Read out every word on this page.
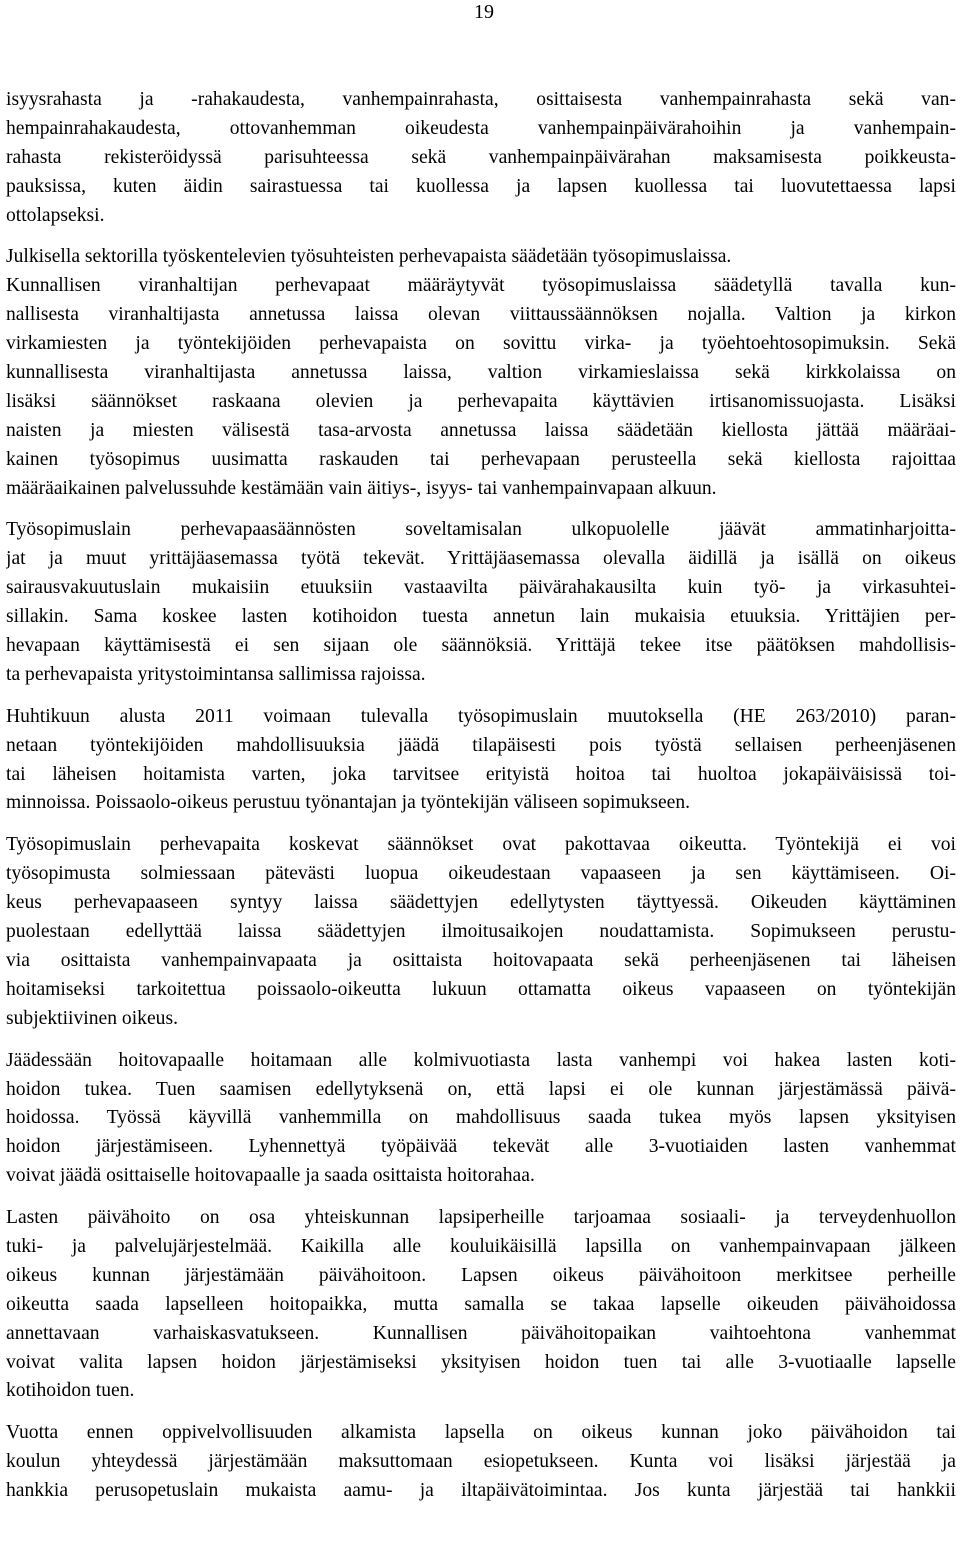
19
isyysrahasta ja -rahakaudesta, vanhempainrahasta, osittaisesta vanhempainrahasta sekä van-
hempainrahakaudesta, ottovanhemman oikeudesta vanhempainpäivärahoihin ja vanhempain-
rahasta rekisteröidyssä parisuhteessa sekä vanhempainpäivärahan maksamisesta poikkeusta-
pauksissa, kuten äidin sairastuessa tai kuollessa ja lapsen kuollessa tai luovutettaessa lapsi
ottolapseksi.
Julkisella sektorilla työskentelevien työsuhteisten perhevapaista säädetään työsopimuslaissa.
Kunnallisen viranhaltijan perhevapaat määräytyvät työsopimuslaissa säädetyllä tavalla kun-
nallisesta viranhaltijasta annetussa laissa olevan viittaussäännöksen nojalla. Valtion ja kirkon
virkamiesten ja työntekijöiden perhevapaista on sovittu virka- ja työehtoehtosopimuksin. Sekä
kunnallisesta viranhaltijasta annetussa laissa, valtion virkamieslaissa sekä kirkkolaissa on
lisäksi säännökset raskaana olevien ja perhevapaita käyttävien irtisanomissuojasta. Lisäksi
naisten ja miesten välisestä tasa-arvosta annetussa laissa säädetään kiellosta jättää määräai-
kainen työsopimus uusimatta raskauden tai perhevapaan perusteella sekä kiellosta rajoittaa
määräaikainen palvelussuhde kestämään vain äitiys-, isyys- tai vanhempainvapaan alkuun.
Työsopimuslain perhevapaasäännösten soveltamisalan ulkopuolelle jäävät ammatinharjoitta-
jat ja muut yrittäjäasemassa työtä tekevät. Yrittäjäasemassa olevalla äidillä ja isällä on oikeus
sairausvakuutuslain mukaisiin etuuksiin vastaavilta päivärahakausilta kuin työ- ja virkasuhtei-
sillakin. Sama koskee lasten kotihoidon tuesta annetun lain mukaisia etuuksia. Yrittäjien per-
hevapaan käyttämisestä ei sen sijaan ole säännöksiä. Yrittäjä tekee itse päätöksen mahdollisis-
ta perhevapaista yritystoimintansa sallimissa rajoissa.
Huhtikuun alusta 2011 voimaan tulevalla työsopimuslain muutoksella (HE 263/2010) paran-
netaan työntekijöiden mahdollisuuksia jäädä tilapäisesti pois työstä sellaisen perheenjäsenen
tai läheisen hoitamista varten, joka tarvitsee erityistä hoitoa tai huoltoa jokapäiväisissä toi-
minnoissa. Poissaolo-oikeus perustuu työnantajan ja työntekijän väliseen sopimukseen.
Työsopimuslain perhevapaita koskevat säännökset ovat pakottavaa oikeutta. Työntekijä ei voi
työsopimusta solmiessaan pätevästi luopua oikeudestaan vapaaseen ja sen käyttämiseen. Oi-
keus perhevapaaseen syntyy laissa säädettyjen edellytysten täyttyessä. Oikeuden käyttäminen
puolestaan edellyttää laissa säädettyjen ilmoitusaikojen noudattamista. Sopimukseen perustu-
via osittaista vanhempainvapaata ja osittaista hoitovapaata sekä perheenjäsenen tai läheisen
hoitamiseksi tarkoitettua poissaolo-oikeutta lukuun ottamatta oikeus vapaaseen on työntekijän
subjektiivinen oikeus.
Jäädessään hoitovapaalle hoitamaan alle kolmivuotiasta lasta vanhempi voi hakea lasten koti-
hoidon tukea. Tuen saamisen edellytyksenä on, että lapsi ei ole kunnan järjestämässä päivä-
hoidossa. Työssä käyvillä vanhemmilla on mahdollisuus saada tukea myös lapsen yksityisen
hoidon järjestämiseen. Lyhennettyä työpäivää tekevät alle 3-vuotiaiden lasten vanhemmat
voivat jäädä osittaiselle hoitovapaalle ja saada osittaista hoitorahaa.
Lasten päivähoito on osa yhteiskunnan lapsiperheille tarjoamaa sosiaali- ja terveydenhuollon
tuki- ja palvelujärjestelmää. Kaikilla alle kouluikäisillä lapsilla on vanhempainvapaan jälkeen
oikeus kunnan järjestämään päivähoitoon. Lapsen oikeus päivähoitoon merkitsee perheille
oikeutta saada lapselleen hoitopaikka, mutta samalla se takaa lapselle oikeuden päivähoidossa
annettavaan varhaiskasvatukseen. Kunnallisen päivähoitopaikan vaihtoehtona vanhemmat
voivat valita lapsen hoidon järjestämiseksi yksityisen hoidon tuen tai alle 3-vuotiaalle lapselle
kotihoidon tuen.
Vuotta ennen oppivelvollisuuden alkamista lapsella on oikeus kunnan joko päivähoidon tai
koulun yhteydessä järjestämään maksuttomaan esiopetukseen. Kunta voi lisäksi järjestää ja
hankkia perusopetuslain mukaista aamu- ja iltapäivätoimintaa. Jos kunta järjestää tai hankkii
